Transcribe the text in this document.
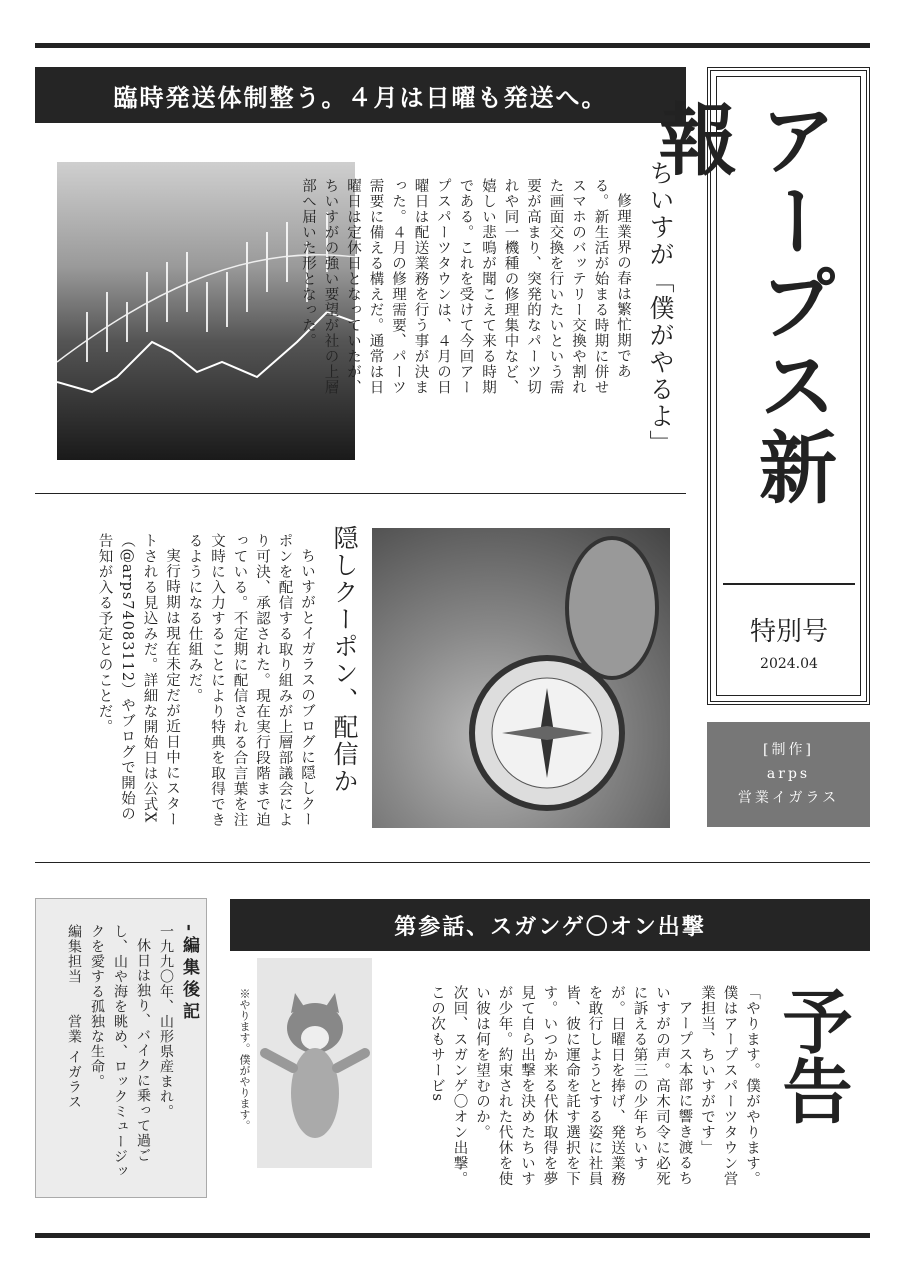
臨時発送体制整う。４月は日曜も発送へ。
ちいすが「僕がやるよ」

修理業界の春は繁忙期である。新生活が始まる時期に併せスマホのバッテリー交換や割れた画面交換を行いたいという需要が高まり、突発的なパーツ切れや同一機種の修理集中など、嬉しい悲鳴が聞こえて来る時期である。これを受けて今回アープスパーツタウンは、４月の日曜日は配送業務を行う事が決まった。４月の修理需要、パーツ需要に備える構えだ。通常は日曜日は定休日となっていたが、ちいすがの強い要望が社の上層部へ届いた形となった。

隠しクーポン、配信か

ちいすがとイガラスのブログに隠しクーポンを配信する取り組みが上層部議会により可決、承認された。現在実行段階まで迫っている。不定期に配信される合言葉を注文時に入力することにより特典を取得できるようになる仕組みだ。

実行時期は現在未定だが近日中にスタートされる見込みだ。詳細な開始日は公式X（@arps74083112）やブログで開始の告知が入る予定とのことだ。

アープス新報
特別号
2024.04
[制作]
arps
営業イガラス

-編集後記

一九九〇年、山形県産まれ。

休日は独り、バイクに乗って過ごし、山や海を眺め、ロックミュージックを愛する孤独な生命。

編集担当　　営業 イガラス

第参話、スガンゲ〇オン出撃
※やります。僕がやります。	「やります。僕がやります。僕はアープスパーツタウン営業担当、ちいすがです」

アープス本部に響き渡るちいすがの声。高木司令に必死に訴える第三の少年ちいすが。日曜日を捧げ、発送業務を敢行しようとする姿に社員皆、彼に運命を託す選択を下す。いつか来る代休取得を夢見て自ら出撃を決めたちいすが少年。約束された代休を使い彼は何を望むのか。

次回、スガンゲ〇オン出撃。

この次もサービs	予告
